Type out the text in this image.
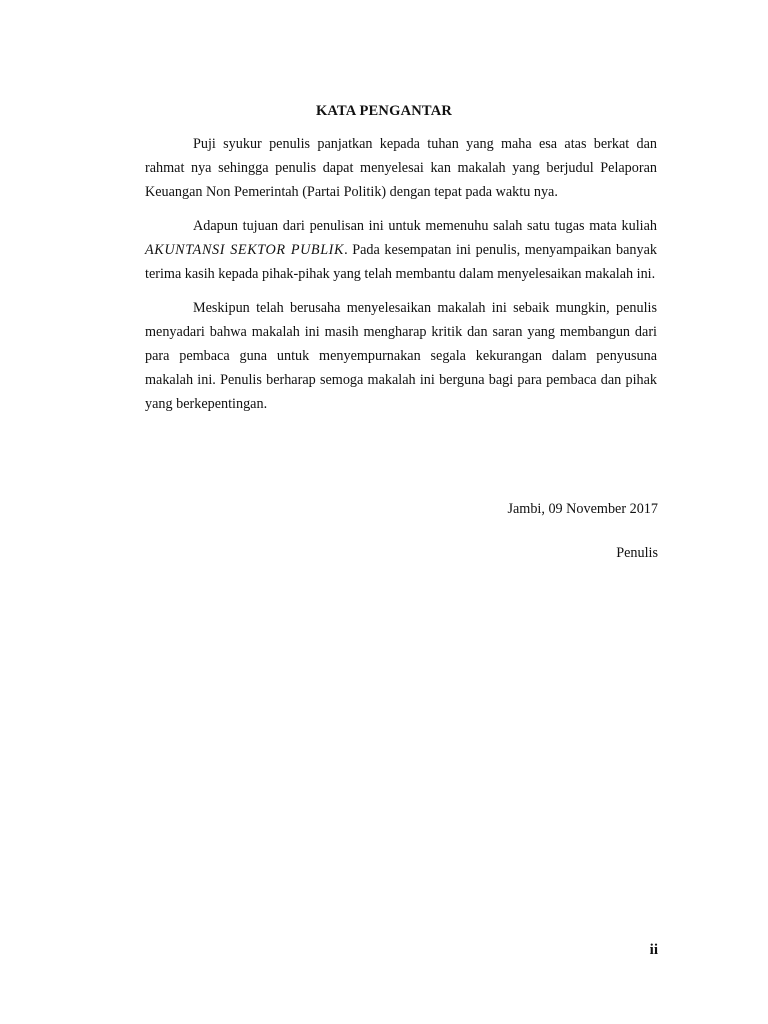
KATA PENGANTAR

Puji syukur penulis panjatkan kepada tuhan yang maha esa atas berkat dan rahmat nya sehingga penulis dapat menyelesai kan makalah yang berjudul Pelaporan Keuangan Non Pemerintah (Partai Politik) dengan tepat pada waktu nya.

Adapun tujuan dari penulisan ini untuk memenuhu salah satu tugas mata kuliah AKUNTANSI SEKTOR PUBLIK. Pada kesempatan ini penulis, menyampaikan banyak terima kasih kepada pihak-pihak yang telah membantu dalam menyelesaikan makalah ini.

Meskipun telah berusaha menyelesaikan makalah ini sebaik mungkin, penulis menyadari bahwa makalah ini masih mengharap kritik dan saran yang membangun dari para pembaca guna untuk menyempurnakan segala kekurangan dalam penyusuna makalah ini. Penulis berharap semoga makalah ini berguna bagi para pembaca dan pihak yang berkepentingan.

Jambi, 09 November 2017
Penulis
ii
